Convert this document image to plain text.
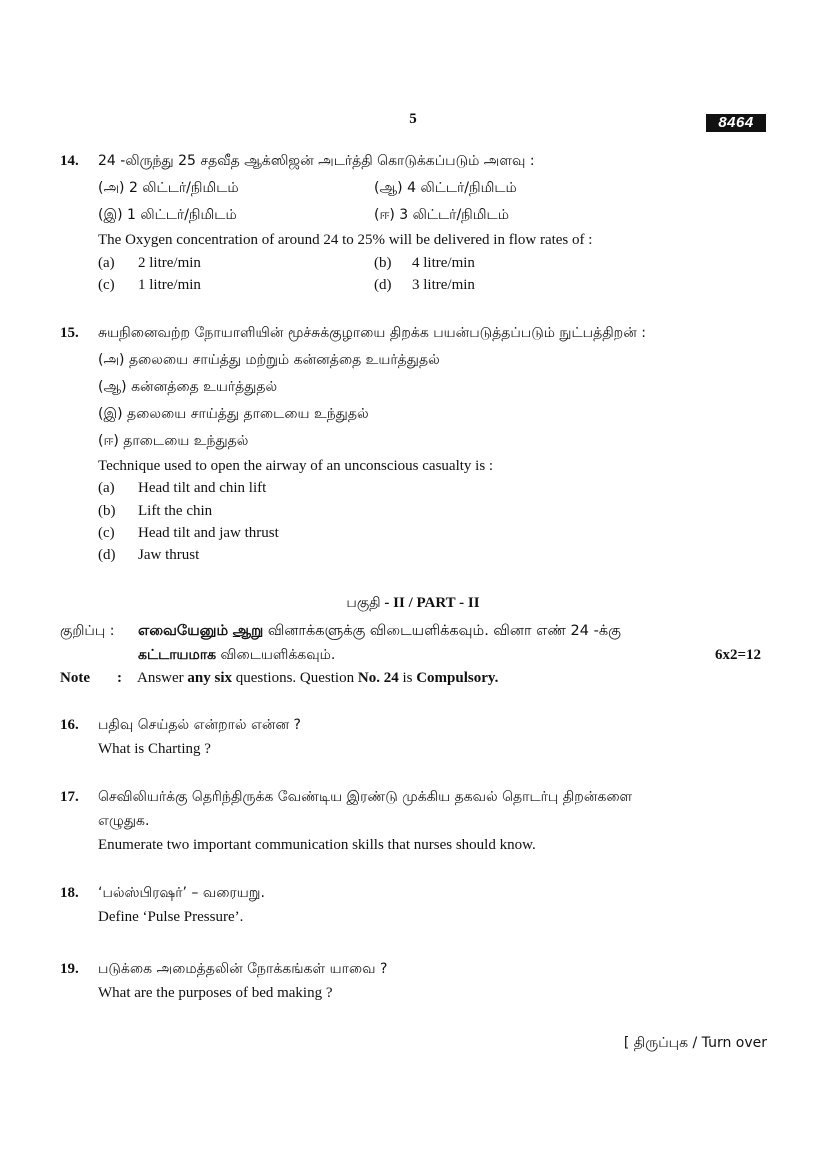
5	8464
14. 24 -லிருந்து 25 சதவீத ஆக்ஸிஜன் அடர்த்தி கொடுக்கப்படும் அளவு :
(அ) 2 லிட்டர்/நிமிடம்	(ஆ) 4 லிட்டர்/நிமிடம்
(இ) 1 லிட்டர்/நிமிடம்	(ஈ) 3 லிட்டர்/நிமிடம்
The Oxygen concentration of around 24 to 25% will be delivered in flow rates of :
(a) 2 litre/min	(b) 4 litre/min
(c) 1 litre/min	(d) 3 litre/min
15. சுயநினைவற்ற நோயாளியின் மூச்சுக்குழாயை திறக்க பயன்படுத்தப்படும் நுட்பத்திறன் :
(அ) தலையை சாய்த்து மற்றும் கன்னத்தை உயர்த்துதல்
(ஆ) கன்னத்தை உயர்த்துதல்
(இ) தலையை சாய்த்து தாடையை உந்துதல்
(ஈ) தாடையை உந்துதல்
Technique used to open the airway of an unconscious casualty is :
(a) Head tilt and chin lift
(b) Lift the chin
(c) Head tilt and jaw thrust
(d) Jaw thrust
பகுதி - II / PART - II
குறிப்பு : எவையேனும் ஆறு வினாக்களுக்கு விடையளிக்கவும். வினா எண் 24 -க்கு
கட்டாயமாக விடையளிக்கவும்.	6x2=12
Note : Answer any six questions. Question No. 24 is Compulsory.
16. பதிவு செய்தல் என்றால் என்ன ?
What is Charting ?
17. செவிலியர்க்கு தெரிந்திருக்க வேண்டிய இரண்டு முக்கிய தகவல் தொடர்பு திறன்களை
எழுதுக.
Enumerate two important communication skills that nurses should know.
18. ‘பல்ஸ்பிரஷர்’ – வரையறு.
Define ‘Pulse Pressure’.
19. படுக்கை அமைத்தலின் நோக்கங்கள் யாவை ?
What are the purposes of bed making ?
[ திருப்புக / Turn over
